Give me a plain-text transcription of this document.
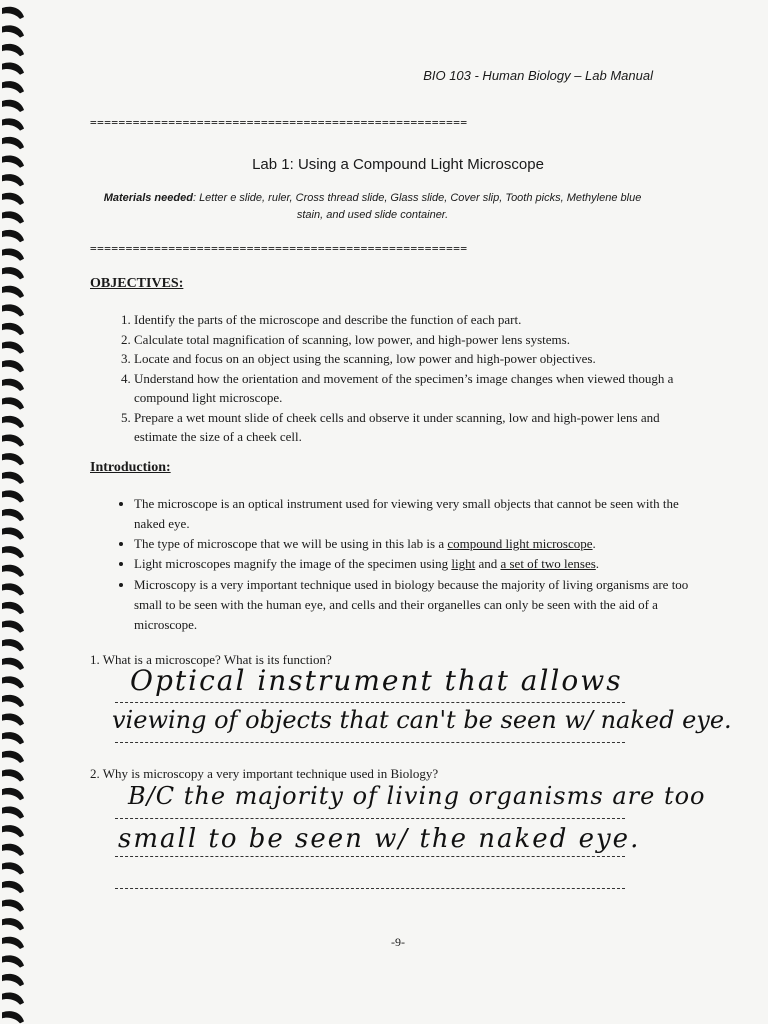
BIO 103 - Human Biology – Lab Manual
=====================================================
Lab 1: Using a Compound Light Microscope
Materials needed: Letter e slide, ruler, Cross thread slide, Glass slide, Cover slip, Tooth picks, Methylene blue stain, and used slide container.
=====================================================
OBJECTIVES:
1. Identify the parts of the microscope and describe the function of each part.
2. Calculate total magnification of scanning, low power, and high-power lens systems.
3. Locate and focus on an object using the scanning, low power and high-power objectives.
4. Understand how the orientation and movement of the specimen’s image changes when viewed though a compound light microscope.
5. Prepare a wet mount slide of cheek cells and observe it under scanning, low and high-power lens and estimate the size of a cheek cell.
Introduction:
• The microscope is an optical instrument used for viewing very small objects that cannot be seen with the naked eye.
• The type of microscope that we will be using in this lab is a compound light microscope.
• Light microscopes magnify the image of the specimen using light and a set of two lenses.
• Microscopy is a very important technique used in biology because the majority of living organisms are too small to be seen with the human eye, and cells and their organelles can only be seen with the aid of a microscope.
1. What is a microscope? What is its function?
Optical instrument that allows
viewing of objects that can't be seen w/ naked eye.
2. Why is microscopy a very important technique used in Biology?
B/C the majority of living organisms are too
small to be seen w/ the naked eye.
-9-
